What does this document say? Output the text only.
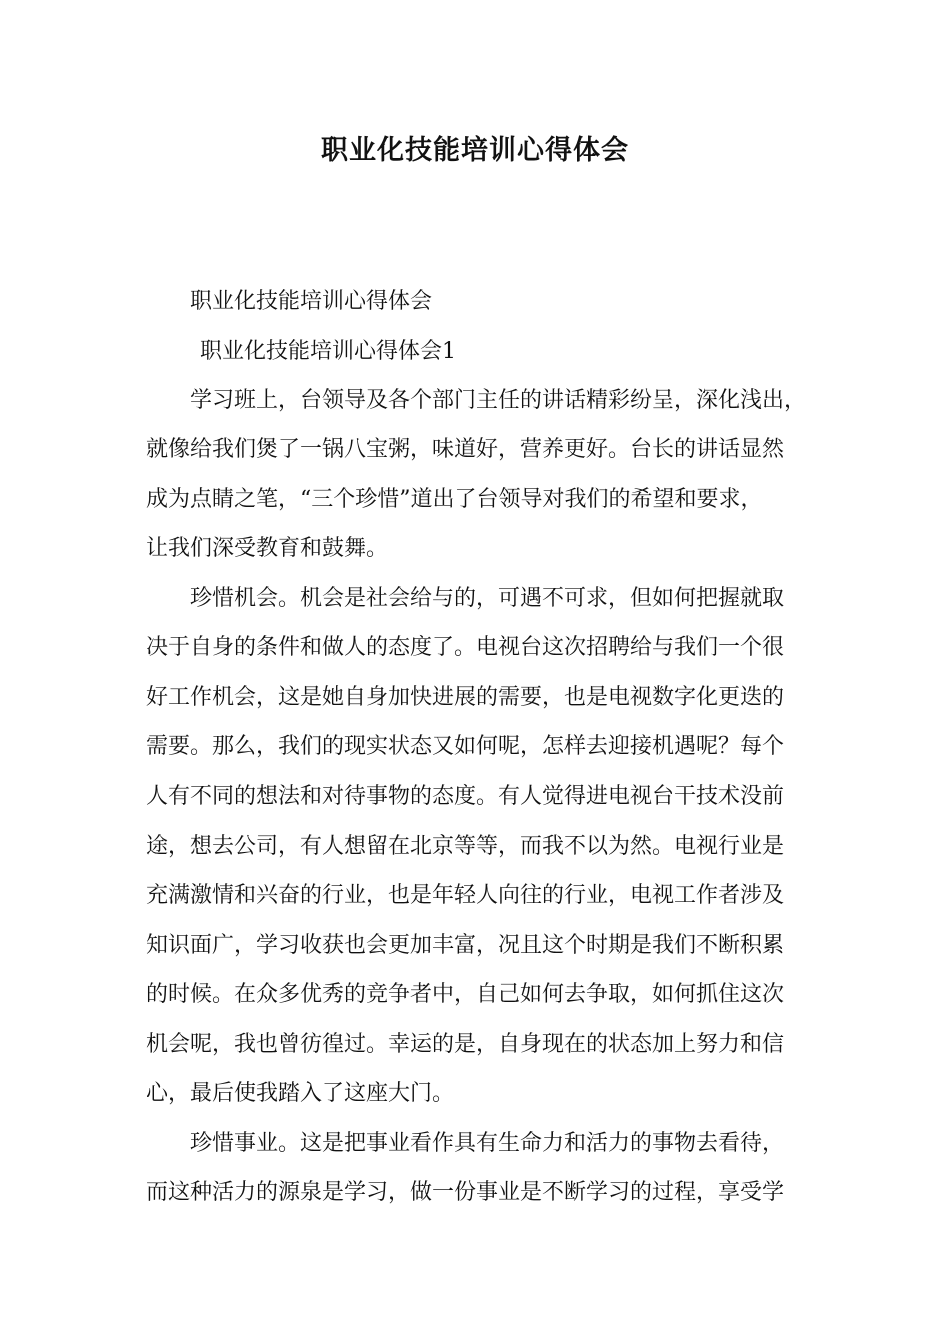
职业化技能培训心得体会

职业化技能培训心得体会

职业化技能培训心得体会1

学习班上，台领导及各个部门主任的讲话精彩纷呈，深化浅出，

就像给我们煲了一锅八宝粥，味道好，营养更好。台长的讲话显然

成为点睛之笔，“三个珍惜”道出了台领导对我们的希望和要求，

让我们深受教育和鼓舞。

珍惜机会。机会是社会给与的，可遇不可求，但如何把握就取

决于自身的条件和做人的态度了。电视台这次招聘给与我们一个很

好工作机会，这是她自身加快进展的需要，也是电视数字化更迭的

需要。那么，我们的现实状态又如何呢，怎样去迎接机遇呢？每个

人有不同的想法和对待事物的态度。有人觉得进电视台干技术没前

途，想去公司，有人想留在北京等等，而我不以为然。电视行业是

充满激情和兴奋的行业，也是年轻人向往的行业，电视工作者涉及

知识面广，学习收获也会更加丰富，况且这个时期是我们不断积累

的时候。在众多优秀的竞争者中，自己如何去争取，如何抓住这次

机会呢，我也曾彷徨过。幸运的是，自身现在的状态加上努力和信

心，最后使我踏入了这座大门。

珍惜事业。这是把事业看作具有生命力和活力的事物去看待，

而这种活力的源泉是学习，做一份事业是不断学习的过程，享受学
